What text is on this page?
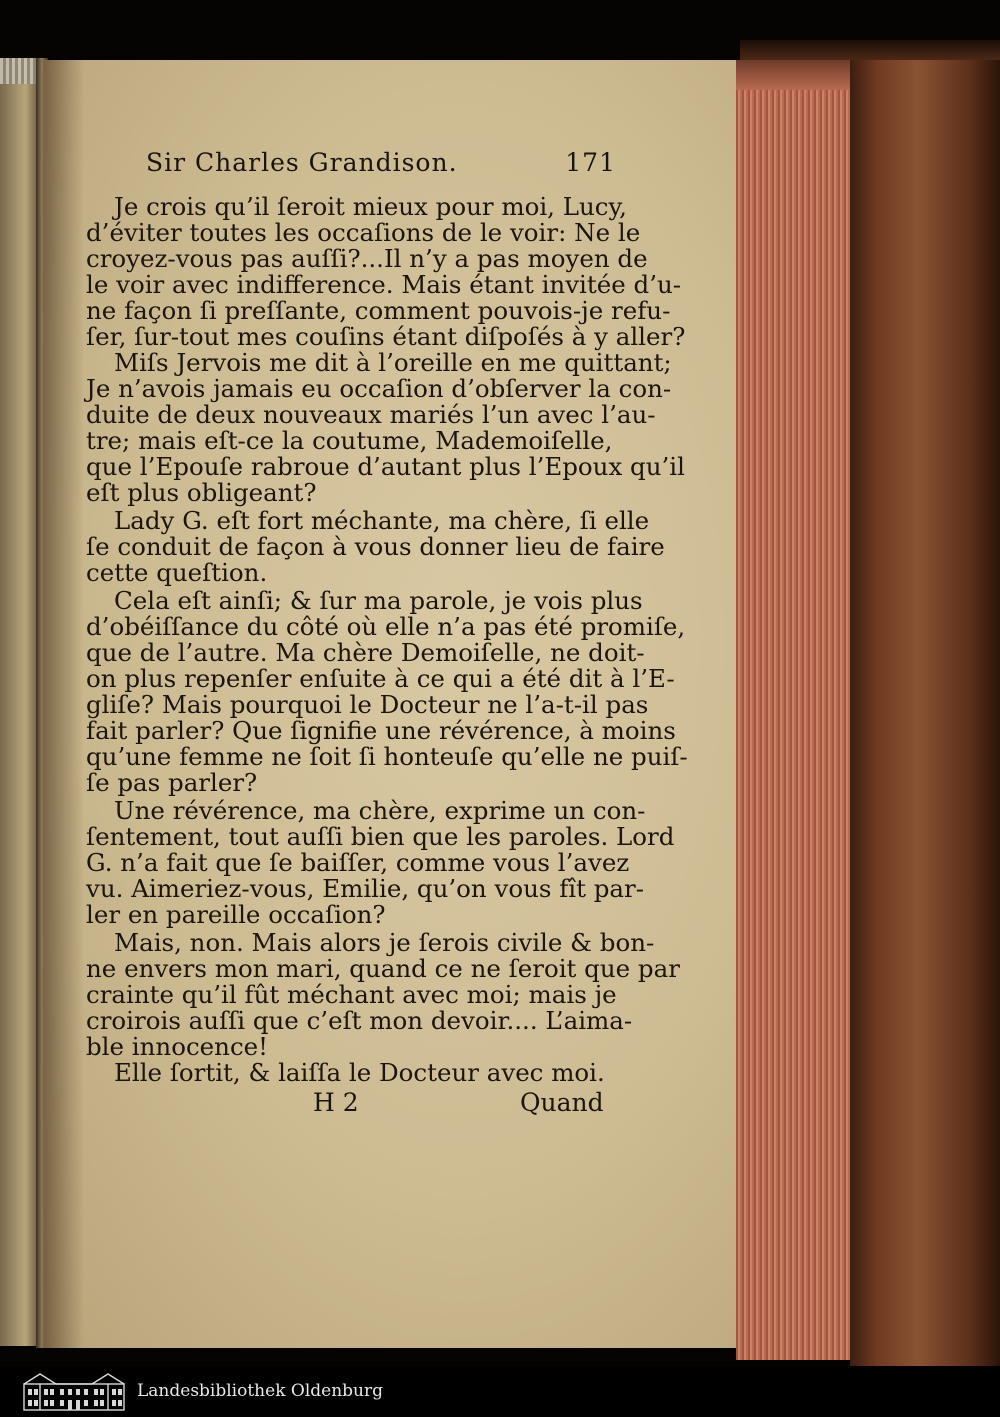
Sir Charles Grandison.	171
Je crois qu’il ſeroit mieux pour moi, Lucy,
d’éviter toutes les occaſions de le voir: Ne le
croyez-vous pas auſſi?...Il n’y a pas moyen de
le voir avec indifference. Mais étant invitée d’u-
ne façon ſi preſſante, comment pouvois-je refu-
ſer, ſur-tout mes couſins étant diſpoſés à y aller?
Miſs Jervois me dit à l’oreille en me quittant;
Je n’avois jamais eu occaſion d’obſerver la con-
duite de deux nouveaux mariés l’un avec l’au-
tre; mais eſt-ce la coutume, Mademoiſelle,
que l’Epouſe rabroue d’autant plus l’Epoux qu’il
eſt plus obligeant?
Lady G. eſt fort méchante, ma chère, ſi elle
ſe conduit de façon à vous donner lieu de faire
cette queſtion.
Cela eſt ainſi; & ſur ma parole, je vois plus
d’obéiſſance du côté où elle n’a pas été promiſe,
que de l’autre. Ma chère Demoiſelle, ne doit-
on plus repenſer enſuite à ce qui a été dit à l’E-
gliſe? Mais pourquoi le Docteur ne l’a-t-il pas
fait parler? Que ſignifie une révérence, à moins
qu’une femme ne ſoit ſi honteuſe qu’elle ne puiſ-
ſe pas parler?
Une révérence, ma chère, exprime un con-
ſentement, tout auſſi bien que les paroles. Lord
G. n’a fait que ſe baiſſer, comme vous l’avez
vu. Aimeriez-vous, Emilie, qu’on vous fît par-
ler en pareille occaſion?
Mais, non. Mais alors je ſerois civile & bon-
ne envers mon mari, quand ce ne ſeroit que par
crainte qu’il fût méchant avec moi; mais je
croirois auſſi que c’eſt mon devoir.... L’aima-
ble innocence!
Elle ſortit, & laiſſa le Docteur avec moi.
H 2	Quand
Landesbibliothek Oldenburg
